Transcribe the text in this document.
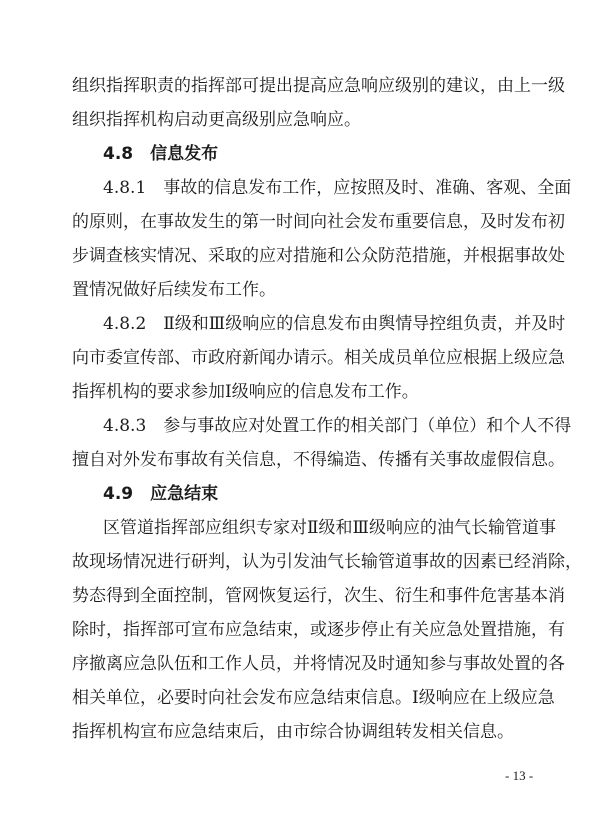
组织指挥职责的指挥部可提出提高应急响应级别的建议，由上一级
组织指挥机构启动更高级别应急响应。
4.8　信息发布
4.8.1　事故的信息发布工作，应按照及时、准确、客观、全面
的原则，在事故发生的第一时间向社会发布重要信息，及时发布初
步调查核实情况、采取的应对措施和公众防范措施，并根据事故处
置情况做好后续发布工作。
4.8.2　Ⅱ级和Ⅲ级响应的信息发布由舆情导控组负责，并及时
向市委宣传部、市政府新闻办请示。相关成员单位应根据上级应急
指挥机构的要求参加Ⅰ级响应的信息发布工作。
4.8.3　参与事故应对处置工作的相关部门（单位）和个人不得
擅自对外发布事故有关信息，不得编造、传播有关事故虚假信息。
4.9　应急结束
区管道指挥部应组织专家对Ⅱ级和Ⅲ级响应的油气长输管道事
故现场情况进行研判，认为引发油气长输管道事故的因素已经消除，
势态得到全面控制，管网恢复运行，次生、衍生和事件危害基本消
除时，指挥部可宣布应急结束，或逐步停止有关应急处置措施，有
序撤离应急队伍和工作人员，并将情况及时通知参与事故处置的各
相关单位，必要时向社会发布应急结束信息。Ⅰ级响应在上级应急
指挥机构宣布应急结束后，由市综合协调组转发相关信息。
- 13 -
